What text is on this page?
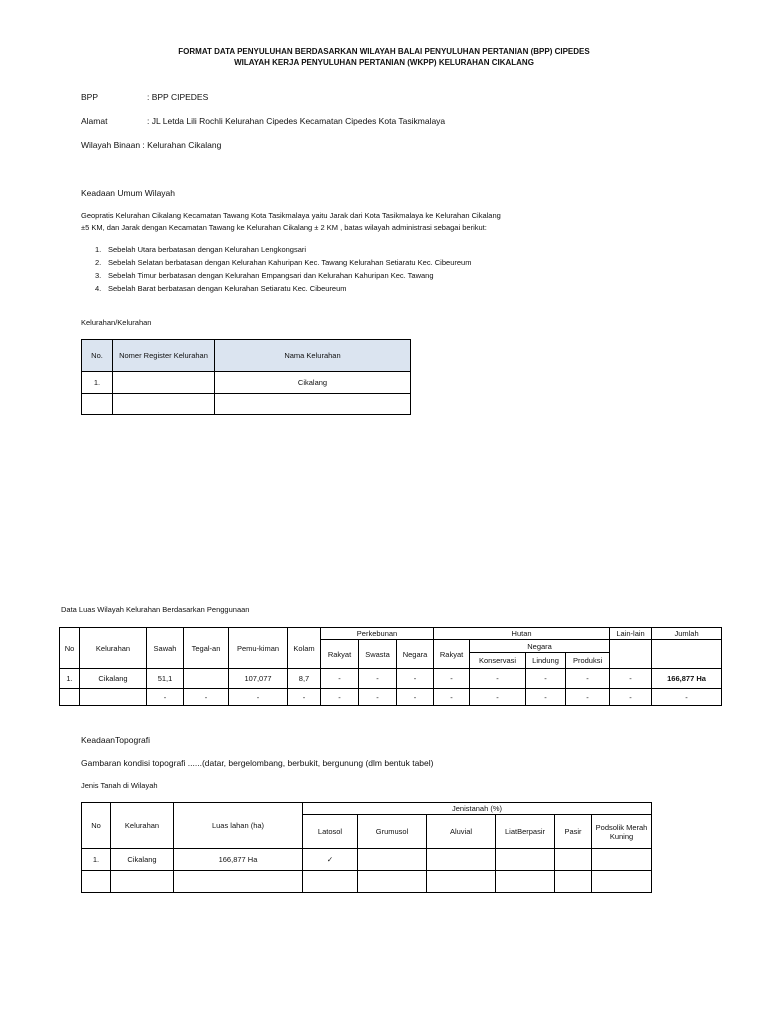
FORMAT DATA PENYULUHAN BERDASARKAN WILAYAH BALAI PENYULUHAN PERTANIAN (BPP) CIPEDES
WILAYAH KERJA PENYULUHAN PERTANIAN (WKPP) KELURAHAN CIKALANG
BPP	: BPP CIPEDES
Alamat	: JL Letda Lili Rochli Kelurahan Cipedes Kecamatan Cipedes Kota Tasikmalaya
Wilayah Binaan : Kelurahan Cikalang
Keadaan Umum Wilayah
Geopratis Kelurahan Cikalang Kecamatan Tawang Kota Tasikmalaya yaitu Jarak dari Kota Tasikmalaya ke Kelurahan Cikalang
±5 KM, dan Jarak dengan Kecamatan Tawang ke Kelurahan Cikalang ± 2 KM , batas wilayah administrasi sebagai berikut:
1. Sebelah Utara berbatasan dengan Kelurahan Lengkongsari
2. Sebelah Selatan berbatasan dengan Kelurahan Kahuripan Kec. Tawang Kelurahan Setiaratu Kec. Cibeureum
3. Sebelah Timur berbatasan dengan Kelurahan Empangsari dan Kelurahan Kahuripan Kec. Tawang
4. Sebelah Barat berbatasan dengan Kelurahan Setiaratu Kec. Cibeureum
Kelurahan/Kelurahan
No.	Nomer Register Kelurahan	Nama Kelurahan
1.		Cikalang

Data Luas Wilayah Kelurahan Berdasarkan Penggunaan
No	Kelurahan	Sawah	Tegal-an	Pemu-kiman	Kolam	Perkebunan			Hutan				Lain-lain	Jumlah
						Rakyat	Swasta	Negara	Rakyat	Negara				
										Konservasi	Lindung	Produksi		
1.	Cikalang	51,1		107,077	8,7	-	-	-	-	-	-	-	-	166,877 Ha
		-	-	-	-	-	-	-	-	-	-	-	-	-
KeadaanTopografi
Gambaran kondisi topografi ......(datar, bergelombang, berbukit, bergunung (dlm bentuk tabel)
Jenis Tanah di Wilayah
No	Kelurahan	Luas lahan (ha)	Jenistanah (%)					
			Latosol	Grumusol	Aluvial	LiatBerpasir	Pasir	Podsolik Merah Kuning
1.	Cikalang	166,877 Ha	✓					
